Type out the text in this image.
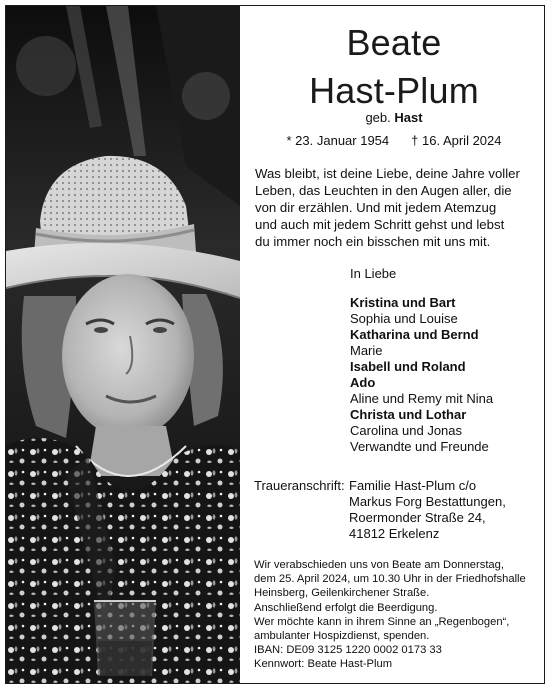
Beate
Hast-Plum
geb. Hast
* 23. Januar 1954 † 16. April 2024
Was bleibt, ist deine Liebe, deine Jahre voller
Leben, das Leuchten in den Augen aller, die
von dir erzählen. Und mit jedem Atemzug
und auch mit jedem Schritt gehst und lebst
du immer noch ein bisschen mit uns mit.
In Liebe
Kristina und Bart
Sophia und Louise
Katharina und Bernd
Marie
Isabell und Roland
Ado
Aline und Remy mit Nina
Christa und Lothar
Carolina und Jonas
Verwandte und Freunde
Traueranschrift: Familie Hast-Plum c/o
Markus Forg Bestattungen,
Roermonder Straße 24,
41812 Erkelenz
Wir verabschieden uns von Beate am Donnerstag,
dem 25. April 2024, um 10.30 Uhr in der Friedhofshalle
Heinsberg, Geilenkirchener Straße.
Anschließend erfolgt die Beerdigung.
Wer möchte kann in ihrem Sinne an „Regenbogen“,
ambulanter Hospizdienst, spenden.
IBAN: DE09 3125 1220 0002 0173 33
Kennwort: Beate Hast-Plum
